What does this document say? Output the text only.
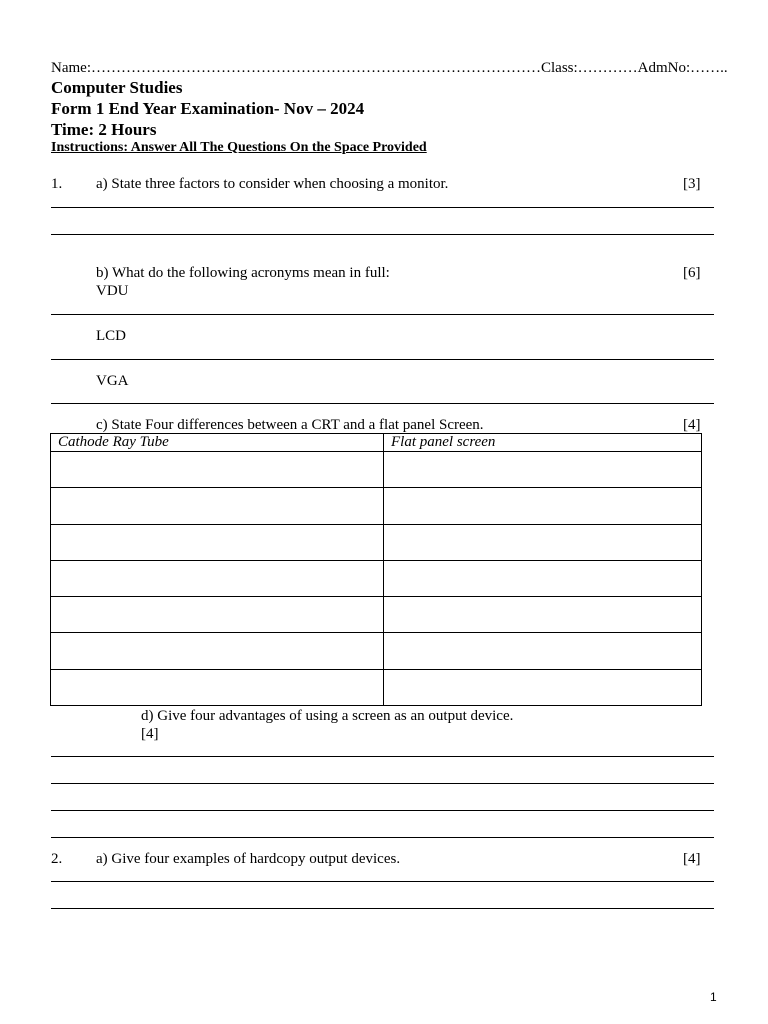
Name:………………………………………………………………………………Class:…………AdmNo:……..
Computer Studies
Form 1 End Year Examination- Nov – 2024
Time: 2 Hours
Instructions: Answer All The Questions On the Space Provided
1. a) State three factors to consider when choosing a monitor.	[3]
b) What do the following acronyms mean in full:	[6]
VDU
LCD
VGA
c) State Four differences between a CRT and a flat panel Screen.	[4]
Cathode Ray Tube	Flat panel screen

d) Give four advantages of using a screen as an output device.
[4]
2. a) Give four examples of hardcopy output devices.	[4]
1
